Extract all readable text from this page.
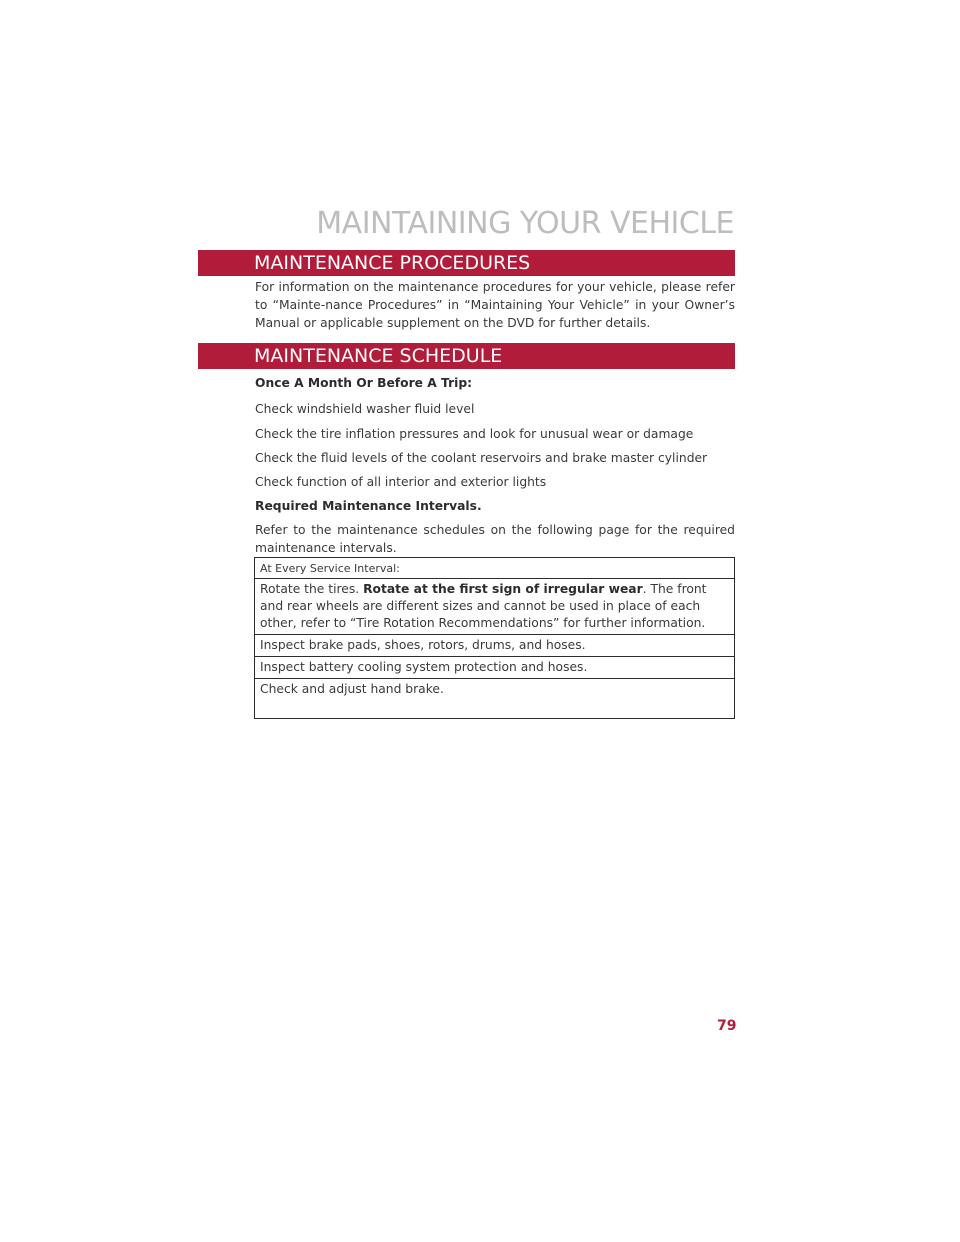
MAINTAINING YOUR VEHICLE
MAINTENANCE PROCEDURES
For information on the maintenance procedures for your vehicle, please refer to “Mainte-nance Procedures” in “Maintaining Your Vehicle” in your Owner’s Manual or applicable supplement on the DVD for further details.
MAINTENANCE SCHEDULE
Once A Month Or Before A Trip:
Check windshield washer fluid level
Check the tire inflation pressures and look for unusual wear or damage
Check the fluid levels of the coolant reservoirs and brake master cylinder
Check function of all interior and exterior lights
Required Maintenance Intervals.
Refer to the maintenance schedules on the following page for the required maintenance intervals.
At Every Service Interval:
Rotate the tires. Rotate at the first sign of irregular wear. The front and rear wheels are different sizes and cannot be used in place of each other, refer to “Tire Rotation Recommendations” for further information.
Inspect brake pads, shoes, rotors, drums, and hoses.
Inspect battery cooling system protection and hoses.
Check and adjust hand brake.
79
